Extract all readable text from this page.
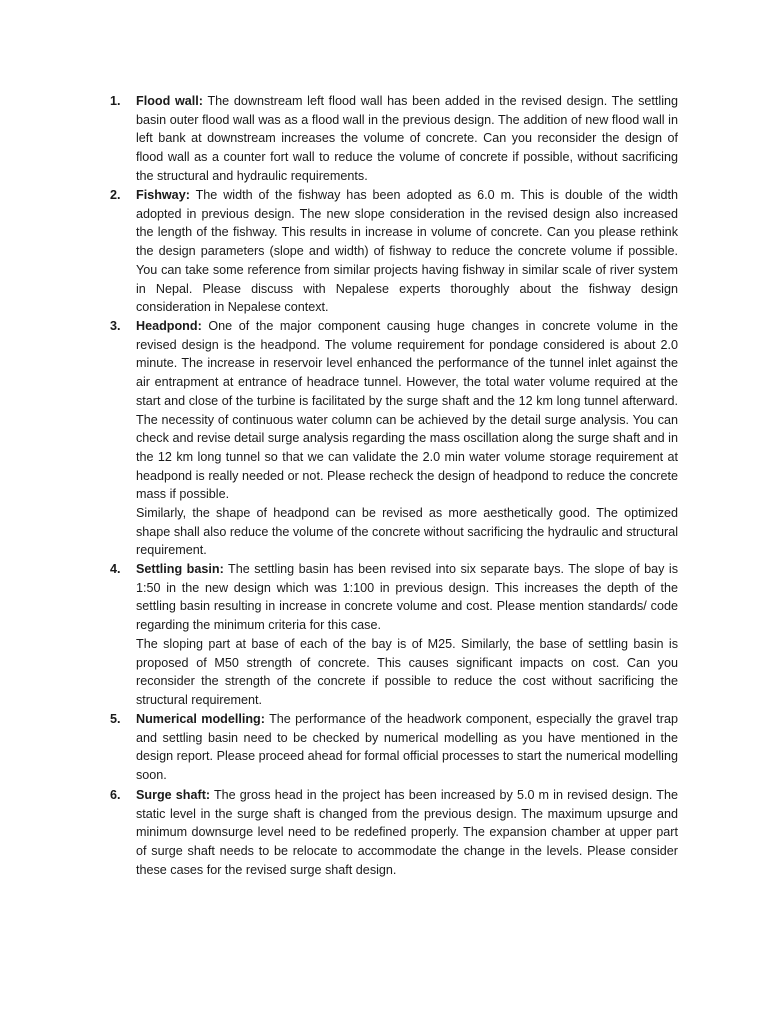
1. Flood wall: The downstream left flood wall has been added in the revised design. The settling basin outer flood wall was as a flood wall in the previous design. The addition of new flood wall in left bank at downstream increases the volume of concrete. Can you reconsider the design of flood wall as a counter fort wall to reduce the volume of concrete if possible, without sacrificing the structural and hydraulic requirements.

2. Fishway: The width of the fishway has been adopted as 6.0 m. This is double of the width adopted in previous design. The new slope consideration in the revised design also increased the length of the fishway. This results in increase in volume of concrete. Can you please rethink the design parameters (slope and width) of fishway to reduce the concrete volume if possible. You can take some reference from similar projects having fishway in similar scale of river system in Nepal. Please discuss with Nepalese experts thoroughly about the fishway design consideration in Nepalese context.

3. Headpond: One of the major component causing huge changes in concrete volume in the revised design is the headpond. The volume requirement for pondage considered is about 2.0 minute. The increase in reservoir level enhanced the performance of the tunnel inlet against the air entrapment at entrance of headrace tunnel. However, the total water volume required at the start and close of the turbine is facilitated by the surge shaft and the 12 km long tunnel afterward. The necessity of continuous water column can be achieved by the detail surge analysis. You can check and revise detail surge analysis regarding the mass oscillation along the surge shaft and in the 12 km long tunnel so that we can validate the 2.0 min water volume storage requirement at headpond is really needed or not. Please recheck the design of headpond to reduce the concrete mass if possible.

Similarly, the shape of headpond can be revised as more aesthetically good. The optimized shape shall also reduce the volume of the concrete without sacrificing the hydraulic and structural requirement.

4. Settling basin: The settling basin has been revised into six separate bays. The slope of bay is 1:50 in the new design which was 1:100 in previous design. This increases the depth of the settling basin resulting in increase in concrete volume and cost. Please mention standards/ code regarding the minimum criteria for this case.

The sloping part at base of each of the bay is of M25. Similarly, the base of settling basin is proposed of M50 strength of concrete. This causes significant impacts on cost. Can you reconsider the strength of the concrete if possible to reduce the cost without sacrificing the structural requirement.

5. Numerical modelling: The performance of the headwork component, especially the gravel trap and settling basin need to be checked by numerical modelling as you have mentioned in the design report. Please proceed ahead for formal official processes to start the numerical modelling soon.

6. Surge shaft: The gross head in the project has been increased by 5.0 m in revised design. The static level in the surge shaft is changed from the previous design. The maximum upsurge and minimum downsurge level need to be redefined properly. The expansion chamber at upper part of surge shaft needs to be relocate to accommodate the change in the levels. Please consider these cases for the revised surge shaft design.
